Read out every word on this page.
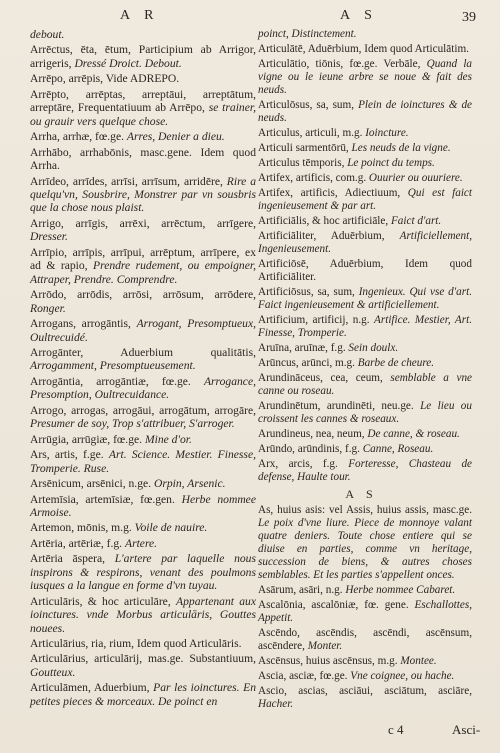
AR	AS	39
debout.
Arrēctus, ēta, ētum, Participium ab Arrigor, arrigeris, Dressé Droict. Debout.
Arrēpo, arrēpis, Vide ADREPO.
Arrēpto, arrēptas, arreptāui, arreptātum, arreptāre, Frequentatiuum ab Arrēpo, se trainer, ou grauir vers quelque chose.
Arrha, arrhæ, fœ.ge. Arres, Denier a dieu.
Arrhābo, arrhabōnis, masc.gene. Idem quod Arrha.
Arrīdeo, arrīdes, arrīsi, arrīsum, arridēre, Rire a quelqu'vn, Sousbrire, Monstrer par vn sousbris que la chose nous plaist.
Arrigo, arrīgis, arrēxi, arrēctum, arrīgere, Dresser.
Arrīpio, arrīpis, arrīpui, arrēptum, arrīpere, ex ad & rapio, Prendre rudement, ou empoigner, Attraper, Prendre. Comprendre.
Arrōdo, arrōdis, arrōsi, arrōsum, arrōdere, Ronger.
Arrogans, arrogāntis, Arrogant, Presomptueux, Oultrecuidé.
Arrogānter, Aduerbium qualitātis, Arrogamment, Presomptueusement.
Arrogāntia, arrogāntiæ, fœ.ge. Arrogance, Presomption, Oultrecuidance.
Arrogo, arrogas, arrogāui, arrogātum, arrogāre, Presumer de soy, Trop s'attribuer, S'arroger.
Arrūgia, arrūgiæ, fœ.ge. Mine d'or.
Ars, artis, f.ge. Art. Science. Mestier. Finesse, Tromperie. Ruse.
Arsēnicum, arsēnici, n.ge. Orpin, Arsenic.
Artemīsia, artemīsiæ, fœ.gen. Herbe nommee Armoise.
Artemon, mōnis, m.g. Voile de nauire.
Artēria, artēriæ, f.g. Artere.
Artēria āspera, L'artere par laquelle nous inspirons & respirons, venant des poulmons iusques a la langue en forme d'vn tuyau.
Articulāris, & hoc articulāre, Appartenant aux ioinctures. vnde Morbus articulāris, Gouttes nouees.
Articulārius, ria, rium, Idem quod Articulāris.
Articulārius, articulārij, mas.ge. Substantiuum, Goutteux.
Articulāmen, Aduerbium, Par les ioinctures. En petites pieces & morceaux. De poinct en
poinct, Distinctement.
Articulātē, Aduērbium, Idem quod Articulātim.
Articulātio, tiōnis, fœ.ge. Verbāle, Quand la vigne ou le ieune arbre se noue & fait des neuds.
Articulōsus, sa, sum, Plein de ioinctures & de neuds.
Articulus, articuli, m.g. Ioincture.
Articuli sarmentōrū, Les neuds de la vigne.
Articulus tēmporis, Le poinct du temps.
Artifex, artificis, com.g. Ouurier ou ouuriere.
Artifex, artificis, Adiectiuum, Qui est faict ingenieusement & par art.
Artificiālis, & hoc artificiāle, Faict d'art.
Artificiāliter, Aduērbium, Artificiellement, Ingenieusement.
Artificiōsē, Aduērbium, Idem quod Artificiāliter.
Artificiōsus, sa, sum, Ingenieux. Qui vse d'art. Faict ingenieusement & artificiellement.
Artificium, artificij, n.g. Artifice. Mestier, Art. Finesse, Tromperie.
Aruīna, aruīnæ, f.g. Sein doulx.
Arūncus, arūnci, m.g. Barbe de cheure.
Arundināceus, cea, ceum, semblable a vne canne ou roseau.
Arundinētum, arundinēti, neu.ge. Le lieu ou croissent les cannes & roseaux.
Arundineus, nea, neum, De canne, & roseau.
Arūndo, arūndinis, f.g. Canne, Roseau.
Arx, arcis, f.g. Forteresse, Chasteau de defense, Haulte tour.
AS
As, huius asis: vel Assis, huius assis, masc.ge. Le poix d'vne liure. Piece de monnoye valant quatre deniers. Toute chose entiere qui se diuise en parties, comme vn heritage, succession de biens, & autres choses semblables. Et les parties s'appellent onces.
Asārum, asāri, n.g. Herbe nommee Cabaret.
Ascalōnia, ascalōniæ, fœ. gene. Eschallottes, Appetit.
Ascēndo, ascēndis, ascēndi, ascēnsum, ascēndere, Monter.
Ascēnsus, huius ascēnsus, m.g. Montee.
Ascia, asciæ, fœ.ge. Vne coignee, ou hache.
Ascio, ascias, asciāui, asciātum, asciāre, Hacher.
c 4	Asci-
